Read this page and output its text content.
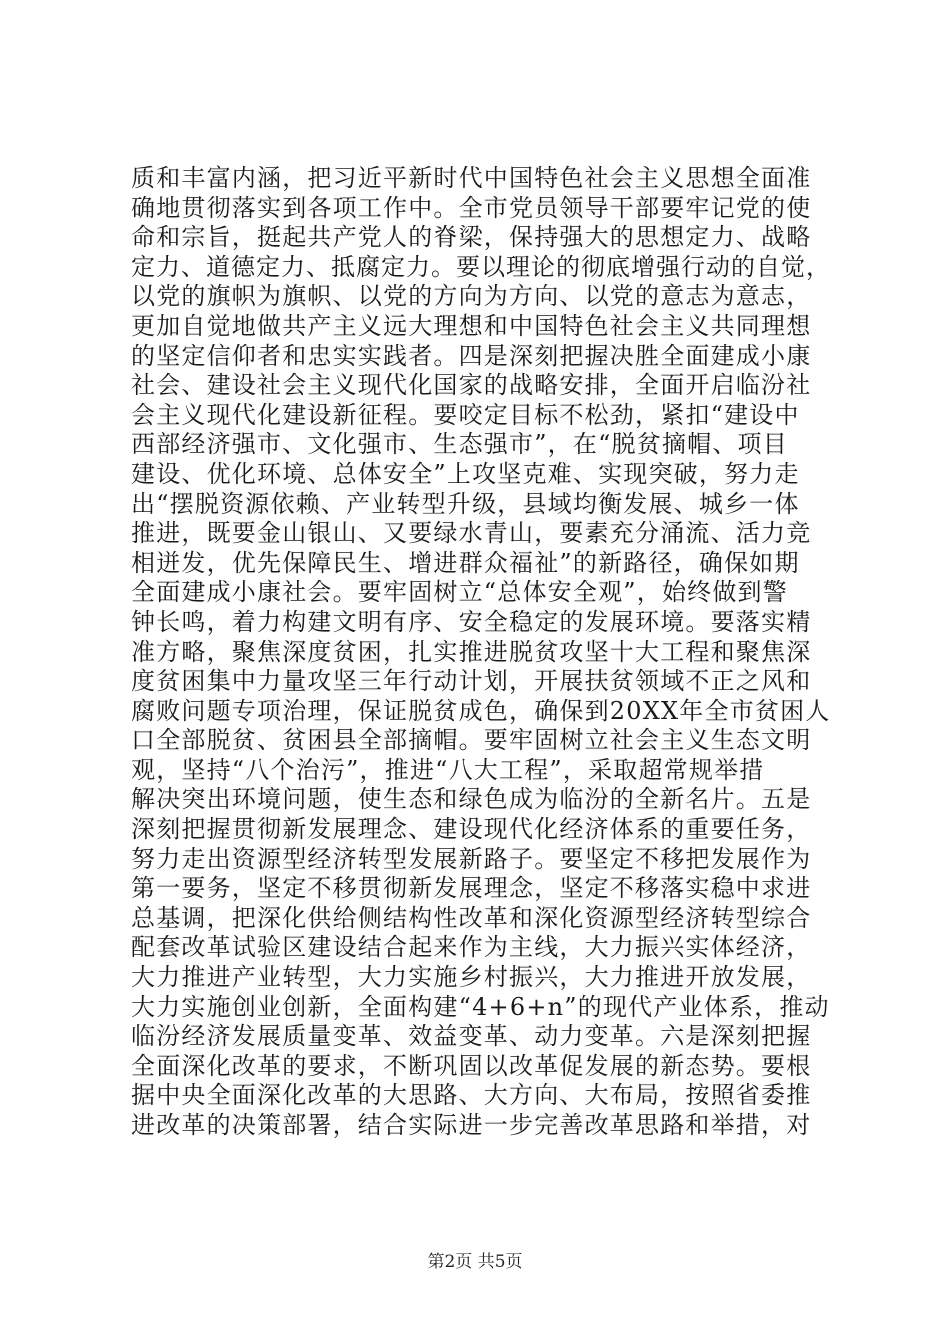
质和丰富内涵，把习近平新时代中国特色社会主义思想全面准
确地贯彻落实到各项工作中。全市党员领导干部要牢记党的使
命和宗旨，挺起共产党人的脊梁，保持强大的思想定力、战略
定力、道德定力、抵腐定力。要以理论的彻底增强行动的自觉，
以党的旗帜为旗帜、以党的方向为方向、以党的意志为意志，
更加自觉地做共产主义远大理想和中国特色社会主义共同理想
的坚定信仰者和忠实实践者。四是深刻把握决胜全面建成小康
社会、建设社会主义现代化国家的战略安排，全面开启临汾社
会主义现代化建设新征程。要咬定目标不松劲，紧扣“建设中
西部经济强市、文化强市、生态强市”，在“脱贫摘帽、项目
建设、优化环境、总体安全”上攻坚克难、实现突破，努力走
出“摆脱资源依赖、产业转型升级，县域均衡发展、城乡一体
推进，既要金山银山、又要绿水青山，要素充分涌流、活力竞
相迸发，优先保障民生、增进群众福祉”的新路径，确保如期
全面建成小康社会。要牢固树立“总体安全观”，始终做到警
钟长鸣，着力构建文明有序、安全稳定的发展环境。要落实精
准方略，聚焦深度贫困，扎实推进脱贫攻坚十大工程和聚焦深
度贫困集中力量攻坚三年行动计划，开展扶贫领域不正之风和
腐败问题专项治理，保证脱贫成色，确保到20XX年全市贫困人
口全部脱贫、贫困县全部摘帽。要牢固树立社会主义生态文明
观，坚持“八个治污”，推进“八大工程”，采取超常规举措
解决突出环境问题，使生态和绿色成为临汾的全新名片。五是
深刻把握贯彻新发展理念、建设现代化经济体系的重要任务，
努力走出资源型经济转型发展新路子。要坚定不移把发展作为
第一要务，坚定不移贯彻新发展理念，坚定不移落实稳中求进
总基调，把深化供给侧结构性改革和深化资源型经济转型综合
配套改革试验区建设结合起来作为主线，大力振兴实体经济，
大力推进产业转型，大力实施乡村振兴，大力推进开放发展，
大力实施创业创新，全面构建“4+6+n”的现代产业体系，推动
临汾经济发展质量变革、效益变革、动力变革。六是深刻把握
全面深化改革的要求，不断巩固以改革促发展的新态势。要根
据中央全面深化改革的大思路、大方向、大布局，按照省委推
进改革的决策部署，结合实际进一步完善改革思路和举措，对
第2页 共5页
